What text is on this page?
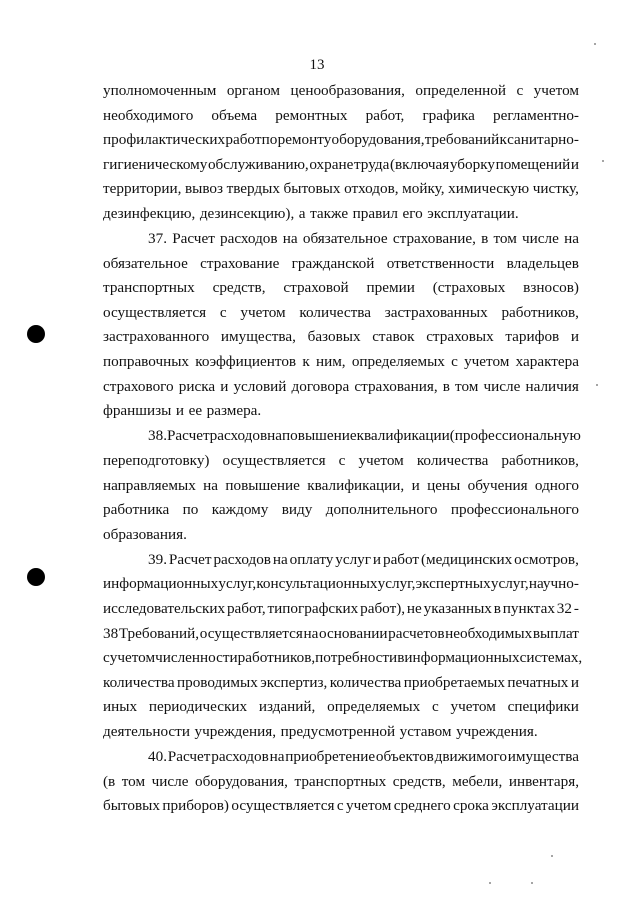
13
уполномоченным органом ценообразования, определенной с учетом
необходимого объема ремонтных работ, графика регламентно-
профилактических работ по ремонту оборудования, требований к санитарно-
гигиеническому обслуживанию, охране труда (включая уборку помещений и
территории, вывоз твердых бытовых отходов, мойку, химическую чистку,
дезинфекцию, дезинсекцию), а также правил его эксплуатации.
37. Расчет расходов на обязательное страхование, в том числе на
обязательное страхование гражданской ответственности владельцев
транспортных средств, страховой премии (страховых взносов)
осуществляется с учетом количества застрахованных работников,
застрахованного имущества, базовых ставок страховых тарифов и
поправочных коэффициентов к ним, определяемых с учетом характера
страхового риска и условий договора страхования, в том числе наличия
франшизы и ее размера.
38. Расчет расходов на повышение квалификации (профессиональную
переподготовку) осуществляется с учетом количества работников,
направляемых на повышение квалификации, и цены обучения одного
работника по каждому виду дополнительного профессионального
образования.
39. Расчет расходов на оплату услуг и работ (медицинских осмотров,
информационных услуг, консультационных услуг, экспертных услуг, научно-
исследовательских работ, типографских работ), не указанных в пунктах 32 -
38 Требований, осуществляется на основании расчетов необходимых выплат
с учетом численности работников, потребности в информационных системах,
количества проводимых экспертиз, количества приобретаемых печатных и
иных периодических изданий, определяемых с учетом специфики
деятельности учреждения, предусмотренной уставом учреждения.
40. Расчет расходов на приобретение объектов движимого имущества
(в том числе оборудования, транспортных средств, мебели, инвентаря,
бытовых приборов) осуществляется с учетом среднего срока эксплуатации
